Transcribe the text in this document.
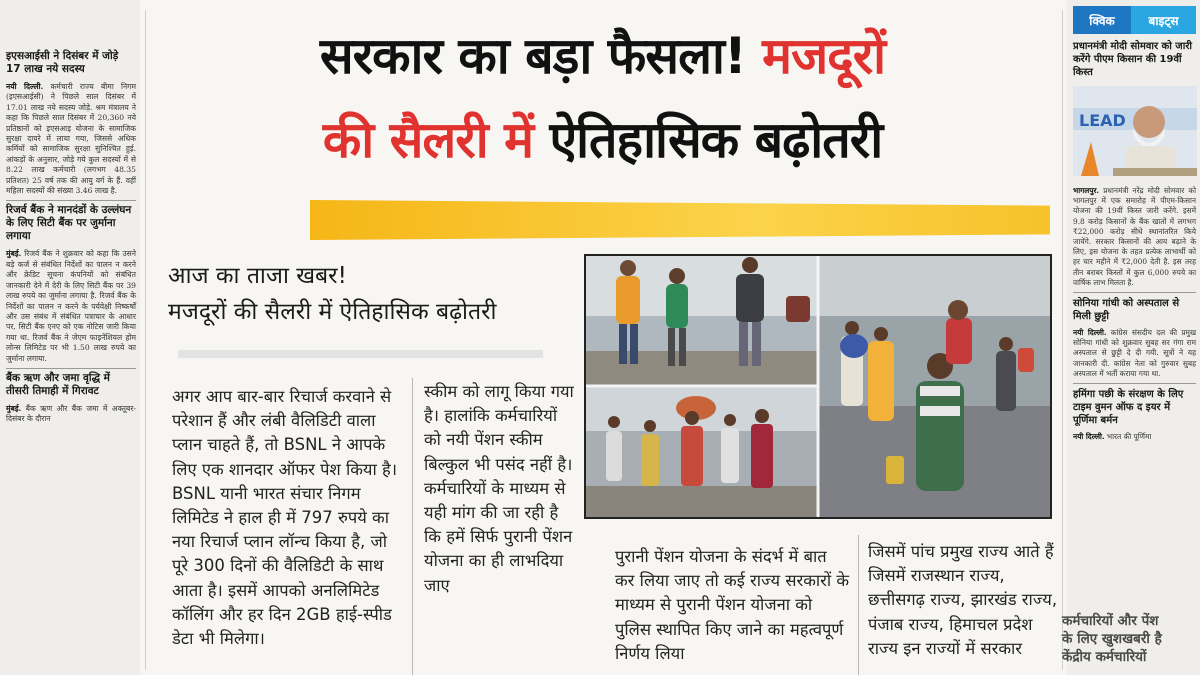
इएसआईसी ने दिसंबर में जोड़े 17 लाख नये सदस्य

नयी दिल्ली. कर्मचारी राज्य बीमा निगम (इएसआईसी) ने पिछले साल दिसंबर में 17.01 लाख नये सदस्य जोड़े. श्रम मंत्रालय ने कहा कि पिछले साल दिसंबर में 20,360 नये प्रतिष्ठानों को इएसआइ योजना के सामाजिक सुरक्षा दायरे में लाया गया, जिससे अधिक कर्मियों को सामाजिक सुरक्षा सुनिश्चित हुई. आंकड़ों के अनुसार, जोड़े गये कुल सदस्यों में से 8.22 लाख कर्मचारी (लगभग 48.35 प्रतिशत) 25 वर्ष तक की आयु वर्ग के हैं. वहीं महिला सदस्यों की संख्या 3.46 लाख है.

रिजर्व बैंक ने मानदंडों के उल्लंघन के लिए सिटी बैंक पर जुर्माना लगाया

मुंबई. रिजर्व बैंक ने शुक्रवार को कहा कि उसने बड़े कर्ज से संबंधित निर्देशों का पालन न करने और क्रेडिट सूचना कंपनियों को संबंधित जानकारी देने में देरी के लिए सिटी बैंक पर 39 लाख रुपये का जुर्माना लगाया है. रिजर्व बैंक के निर्देशों का पालन न करने के पर्यवेक्षी निष्कर्षों और उस संबंध में संबंधित पत्राचार के आधार पर, सिटी बैंक एनए को एक नोटिस जारी किया गया था. रिजर्व बैंक ने जेएम फाइनेंशियल होम लोन्स लिमिटेड पर भी 1.50 लाख रुपये का जुर्माना लगाया.

बैंक ऋण और जमा वृद्धि में तीसरी तिमाही में गिरावट

मुंबई. बैंक ऋण और बैंक जमा में अक्तूबर-दिसंबर के दौरान

सरकार का बड़ा फैसला! मजदूरों
की सैलरी में ऐतिहासिक बढ़ोतरी
आज का ताजा खबर!
मजदूरों की सैलरी में ऐतिहासिक बढ़ोतरी
अगर आप बार-बार रिचार्ज करवाने से परेशान हैं और लंबी वैलिडिटी वाला प्लान चाहते हैं, तो BSNL ने आपके लिए एक शानदार ऑफर पेश किया है। BSNL यानी भारत संचार निगम लिमिटेड ने हाल ही में 797 रुपये का नया रिचार्ज प्लान लॉन्च किया है, जो पूरे 300 दिनों की वैलिडिटी के साथ आता है। इसमें आपको अनलिमिटेड कॉलिंग और हर दिन 2GB हाई-स्पीड डेटा भी मिलेगा।
स्कीम को लागू किया गया है। हालांकि कर्मचारियों को नयी पेंशन स्कीम बिल्कुल भी पसंद नहीं है। कर्मचारियों के माध्यम से यही मांग की जा रही है कि हमें सिर्फ पुरानी पेंशन योजना का ही लाभदिया जाए
पुरानी पेंशन योजना के संदर्भ में बात कर लिया जाए तो कई राज्य सरकारों के माध्यम से पुरानी पेंशन योजना को पुलिस स्थापित किए जाने का महत्वपूर्ण निर्णय लिया
जिसमें पांच प्रमुख राज्य आते हैं जिसमें राजस्थान राज्य, छत्तीसगढ़ राज्य, झारखंड राज्य, पंजाब राज्य, हिमाचल प्रदेश राज्य इन राज्यों में सरकार
क्विक	बाइट्स
प्रधानमंत्री मोदी सोमवार को जारी करेंगे पीएम किसान की 19वीं किस्त
LEAD

भागलपुर. प्रधानमंत्री नरेंद्र मोदी सोमवार को भागलपुर में एक समारोह में पीएम-किसान योजना की 19वीं किस्त जारी करेंगे. इसमें 9.8 करोड़ किसानों के बैंक खातों में लगभग ₹22,000 करोड़ सीधे स्थानांतरित किये जायेंगे. सरकार किसानों की आय बढ़ाने के लिए, इस योजना के तहत प्रत्येक लाभार्थी को हर चार महीने में ₹2,000 देती है. इस तरह तीन बराबर किस्तों में कुल 6,000 रुपये का वार्षिक लाभ मिलता है.

सोनिया गांधी को अस्पताल से मिली छुट्टी

नयी दिल्ली. कांग्रेस संसदीय दल की प्रमुख सोनिया गांधी को शुक्रवार सुबह सर गंगा राम अस्पताल से छुट्टी दे दी गयी. सूत्रों ने यह जानकारी दी. कांग्रेस नेता को गुरुवार सुबह अस्पताल में भर्ती कराया गया था.

हमिंगा पछी के संरक्षण के लिए टाइम वुमन ऑफ द इयर में पूर्णिमा बर्मन

नयी दिल्ली. भारत की पूर्णिमा

कर्मचारियों और पेंश
के लिए खुशखबरी है
केंद्रीय कर्मचारियों
